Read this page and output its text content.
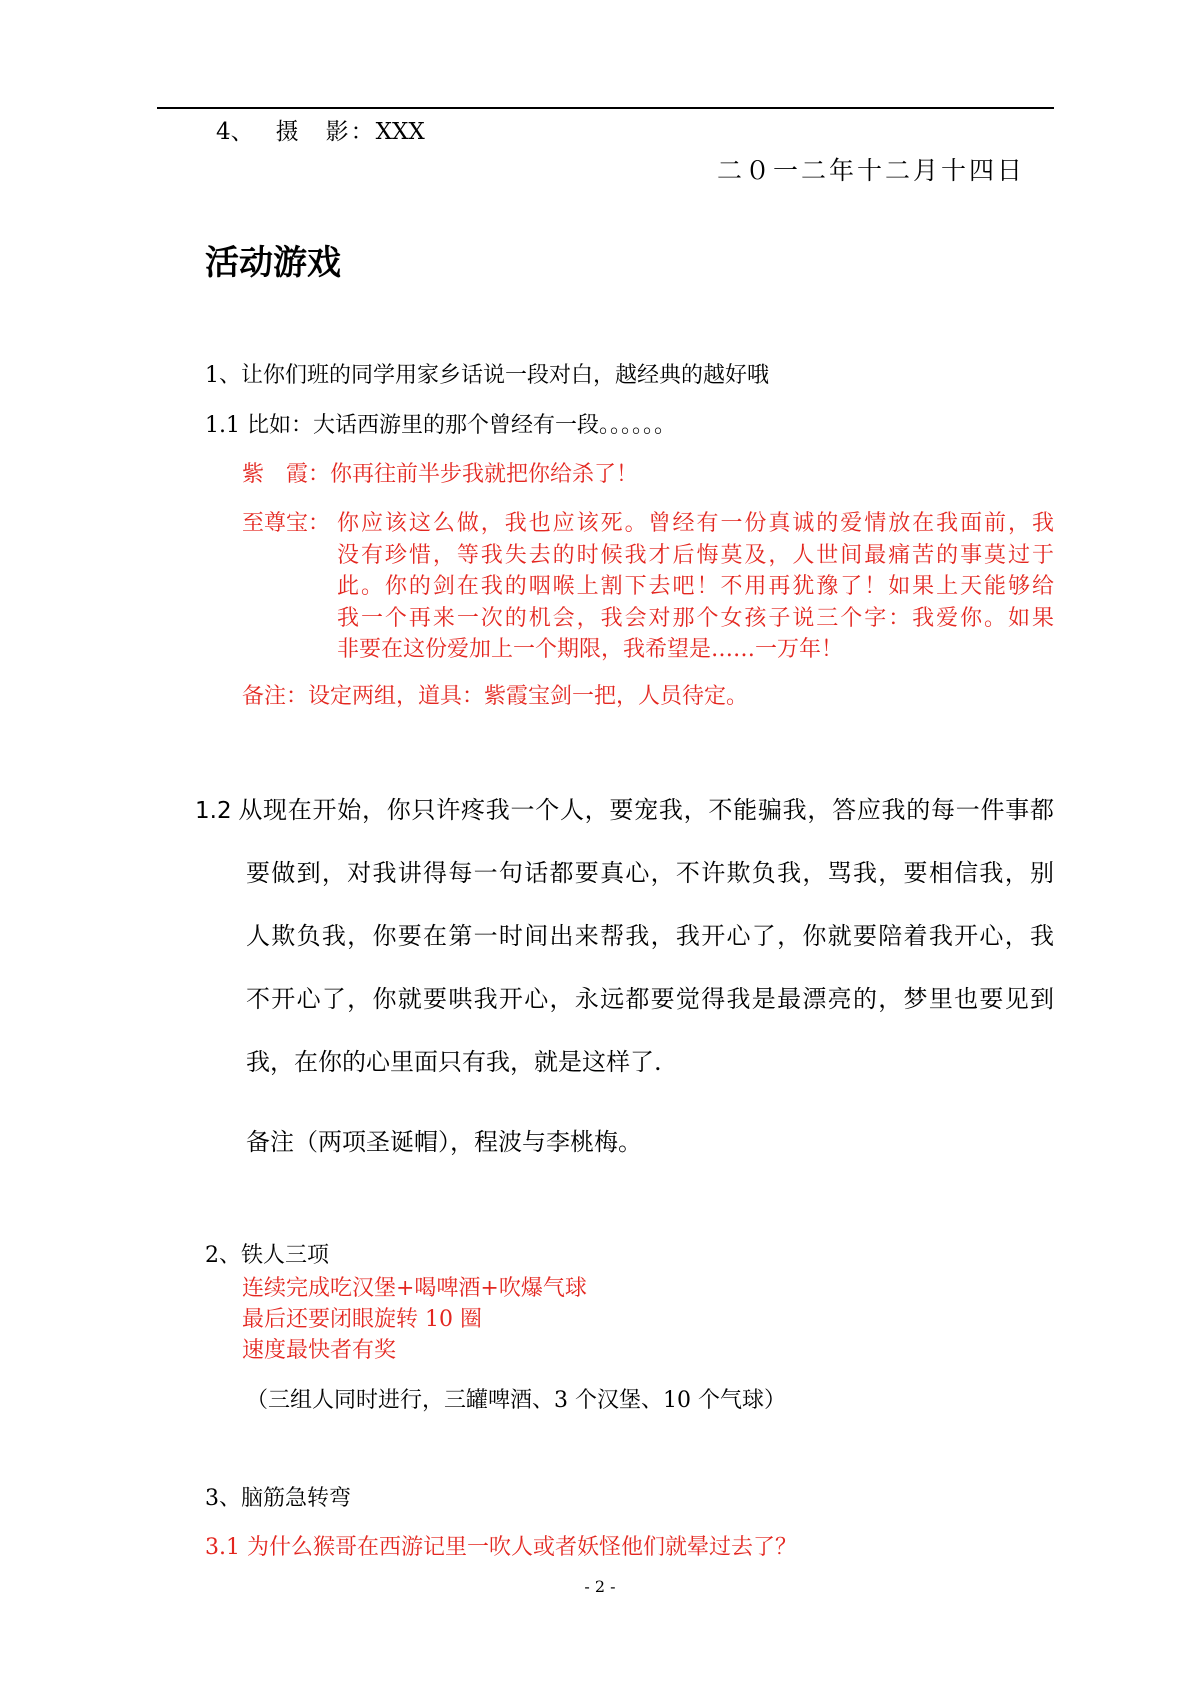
4、 摄　影：XXX
二０一二年十二月十四日
活动游戏
1、让你们班的同学用家乡话说一段对白，越经典的越好哦
1.1 比如：大话西游里的那个曾经有一段。。。。。。
紫　霞：你再往前半步我就把你给杀了！
至尊宝： 你应该这么做，我也应该死。曾经有一份真诚的爱情放在我面前，我
没有珍惜，等我失去的时候我才后悔莫及，人世间最痛苦的事莫过于
此。你的剑在我的咽喉上割下去吧！不用再犹豫了！如果上天能够给
我一个再来一次的机会，我会对那个女孩子说三个字：我爱你。如果
非要在这份爱加上一个期限，我希望是……一万年！
备注：设定两组，道具：紫霞宝剑一把，人员待定。
1.2 从现在开始，你只许疼我一个人，要宠我，不能骗我，答应我的每一件事都
要做到，对我讲得每一句话都要真心，不许欺负我，骂我，要相信我，别
人欺负我，你要在第一时间出来帮我，我开心了，你就要陪着我开心，我
不开心了，你就要哄我开心，永远都要觉得我是最漂亮的，梦里也要见到
我，在你的心里面只有我，就是这样了.
备注（两项圣诞帽），程波与李桃梅。
2、铁人三项
连续完成吃汉堡+喝啤酒+吹爆气球
最后还要闭眼旋转 10 圈
速度最快者有奖
（三组人同时进行，三罐啤酒、3 个汉堡、10 个气球）
3、脑筋急转弯
3.1 为什么猴哥在西游记里一吹人或者妖怪他们就晕过去了？
- 2 -
